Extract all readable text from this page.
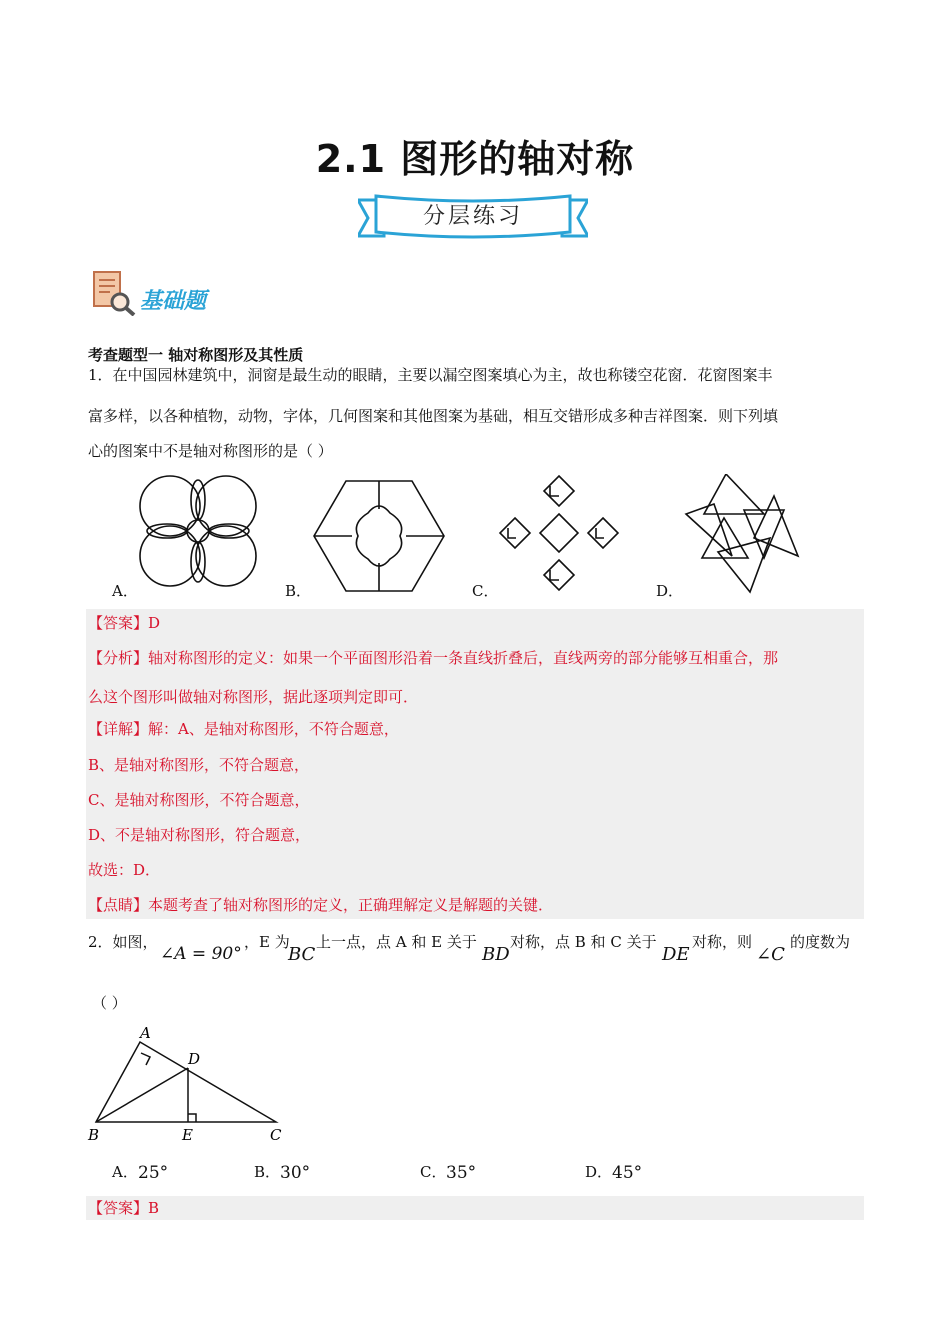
2.1 图形的轴对称
分层练习
基础题
考查题型一 轴对称图形及其性质
1．在中国园林建筑中，洞窗是最生动的眼睛，主要以漏空图案填心为主，故也称镂空花窗．花窗图案丰
富多样，以各种植物，动物，字体，几何图案和其他图案为基础，相互交错形成多种吉祥图案．则下列填
心的图案中不是轴对称图形的是（ ）
A．	B．	C．	D．
【答案】D
【分析】轴对称图形的定义：如果一个平面图形沿着一条直线折叠后，直线两旁的部分能够互相重合，那
么这个图形叫做轴对称图形，据此逐项判定即可．
【详解】解：A、是轴对称图形，不符合题意，
B、是轴对称图形，不符合题意，
C、是轴对称图形，不符合题意，
D、不是轴对称图形，符合题意，
故选：D．
【点睛】本题考查了轴对称图形的定义，正确理解定义是解题的关键．
2．如图，
∠A = 90°
，E 为
BC
上一点，点 A 和 E 关于
BD
对称，点 B 和 C 关于
DE
对称，则
∠C
的度数为
（ ）
A
D
B	E	C
A． 25°	B． 30°	C． 35°	D． 45°
【答案】B
